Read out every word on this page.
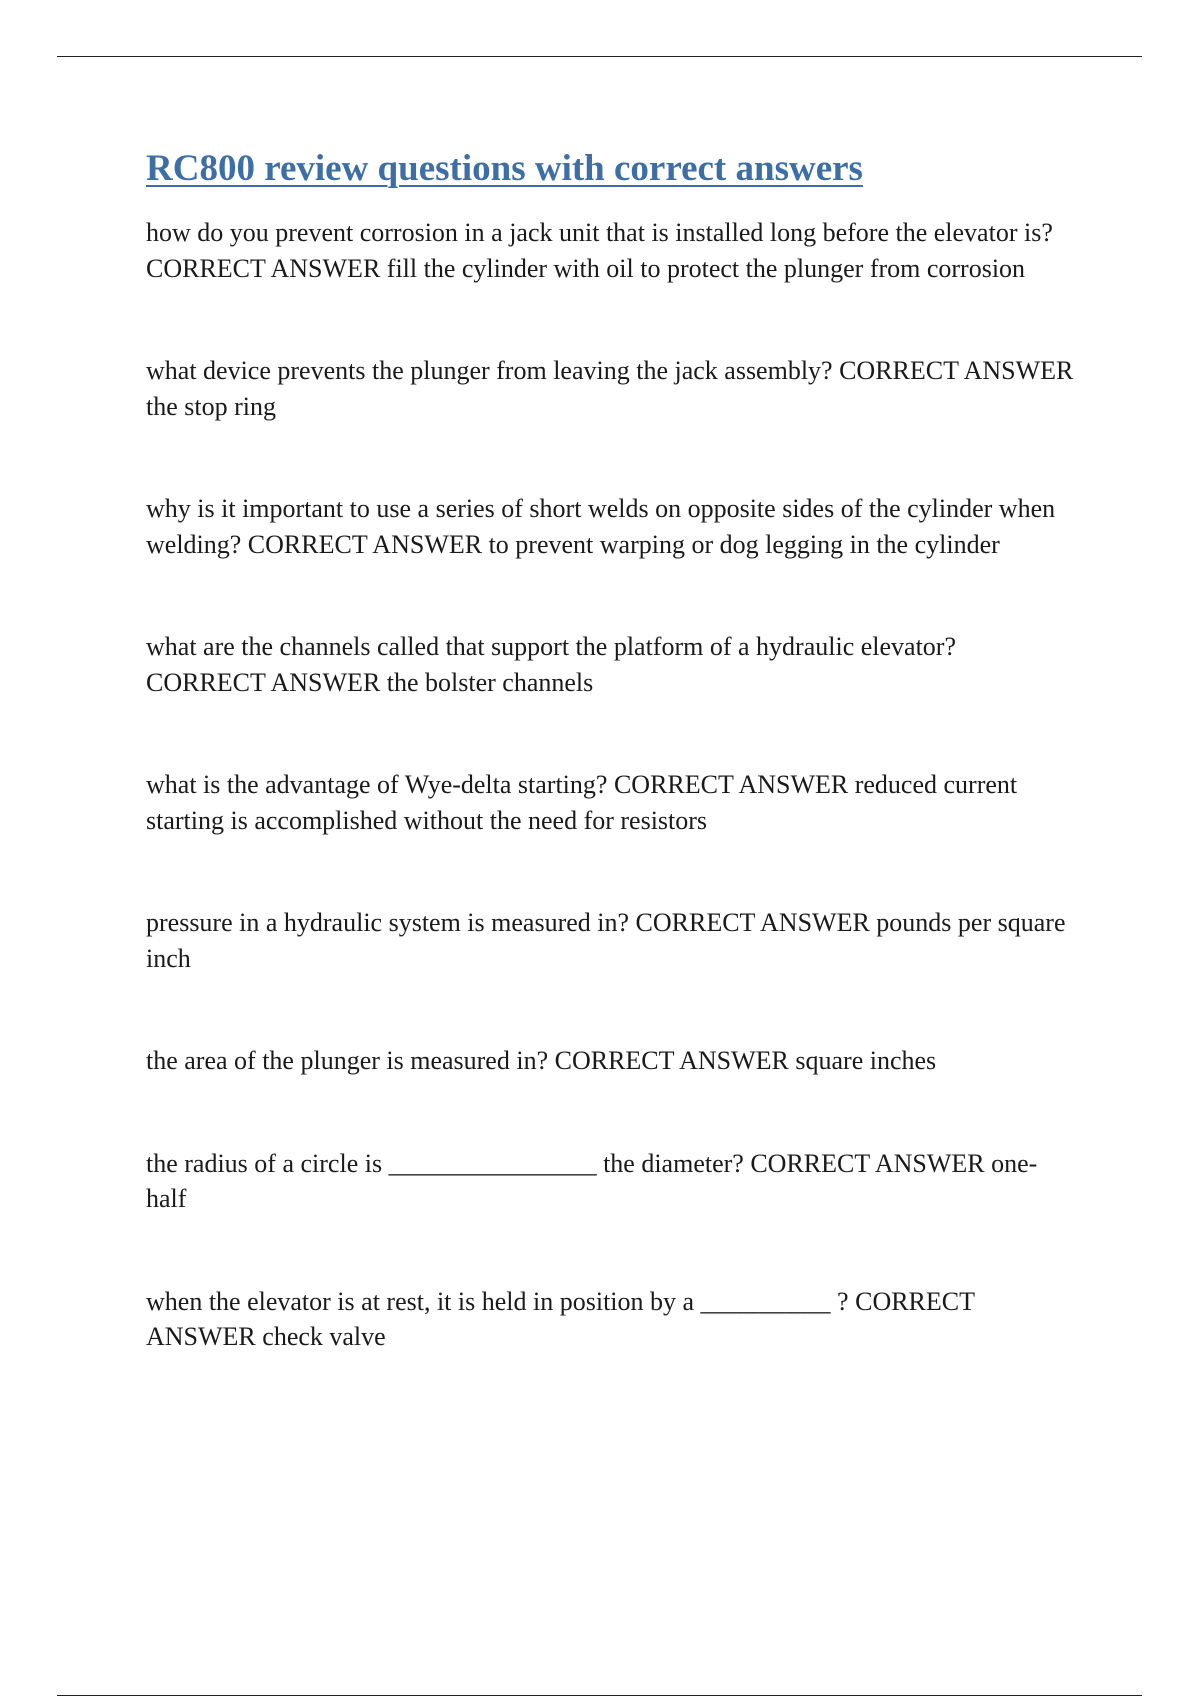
RC800 review questions with correct answers
how do you prevent corrosion in a jack unit that is installed long before the elevator is? CORRECT ANSWER fill the cylinder with oil to protect the plunger from corrosion
what device prevents the plunger from leaving the jack assembly? CORRECT ANSWER the stop ring
why is it important to use a series of short welds on opposite sides of the cylinder when welding? CORRECT ANSWER to prevent warping or dog legging in the cylinder
what are the channels called that support the platform of a hydraulic elevator? CORRECT ANSWER the bolster channels
what is the advantage of Wye-delta starting? CORRECT ANSWER reduced current starting is accomplished without the need for resistors
pressure in a hydraulic system is measured in? CORRECT ANSWER pounds per square inch
the area of the plunger is measured in? CORRECT ANSWER square inches
the radius of a circle is ________________ the diameter? CORRECT ANSWER one-half
when the elevator is at rest, it is held in position by a __________ ? CORRECT ANSWER check valve
